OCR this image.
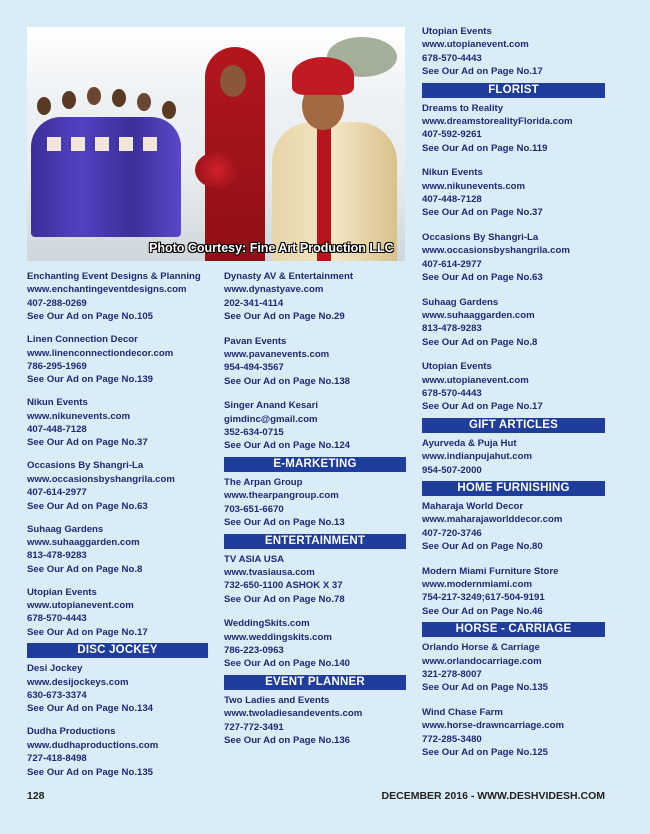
Photo Courtesy: Fine Art Production LLC
Enchanting Event Designs & Planning
www.enchantingeventdesigns.com
407-288-0269
See Our Ad on Page No.105
Linen Connection Decor
www.linenconnectiondecor.com
786-295-1969
See Our Ad on Page No.139
Nikun Events
www.nikunevents.com
407-448-7128
See Our Ad on Page No.37
Occasions By Shangri-La
www.occasionsbyshangrila.com
407-614-2977
See Our Ad on Page No.63
Suhaag Gardens
www.suhaaggarden.com
813-478-9283
See Our Ad on Page No.8
Utopian Events
www.utopianevent.com
678-570-4443
See Our Ad on Page No.17
DISC JOCKEY
Desi Jockey
www.desijockeys.com
630-673-3374
See Our Ad on Page No.134
Dudha Productions
www.dudhaproductions.com
727-418-8498
See Our Ad on Page No.135
Dynasty AV & Entertainment
www.dynastyave.com
202-341-4114
See Our Ad on Page No.29
Pavan Events
www.pavanevents.com
954-494-3567
See Our Ad on Page No.138
Singer Anand Kesari
gimdinc@gmail.com
352-634-0715
See Our Ad on Page No.124
E-MARKETING
The Arpan Group
www.thearpangroup.com
703-651-6670
See Our Ad on Page No.13
ENTERTAINMENT
TV ASIA USA
www.tvasiausa.com
732-650-1100 ASHOK X 37
See Our Ad on Page No.78
WeddingSkits.com
www.weddingskits.com
786-223-0963
See Our Ad on Page No.140
EVENT PLANNER
Two Ladies and Events
www.twoladiesandevents.com
727-772-3491
See Our Ad on Page No.136
Utopian Events
www.utopianevent.com
678-570-4443
See Our Ad on Page No.17
FLORIST
Dreams to Reality
www.dreamstorealityFlorida.com
407-592-9261
See Our Ad on Page No.119
Nikun Events
www.nikunevents.com
407-448-7128
See Our Ad on Page No.37
Occasions By Shangri-La
www.occasionsbyshangrila.com
407-614-2977
See Our Ad on Page No.63
Suhaag Gardens
www.suhaaggarden.com
813-478-9283
See Our Ad on Page No.8
Utopian Events
www.utopianevent.com
678-570-4443
See Our Ad on Page No.17
GIFT ARTICLES
Ayurveda & Puja Hut
www.indianpujahut.com
954-507-2000
HOME FURNISHING
Maharaja World Decor
www.maharajaworlddecor.com
407-720-3746
See Our Ad on Page No.80
Modern Miami Furniture Store
www.modernmiami.com
754-217-3249;617-504-9191
See Our Ad on Page No.46
HORSE - CARRIAGE
Orlando Horse & Carriage
www.orlandocarriage.com
321-278-8007
See Our Ad on Page No.135
Wind Chase Farm
www.horse-drawncarriage.com
772-285-3480
See Our Ad on Page No.125
128	DECEMBER 2016 - WWW.DESHVIDESH.COM
